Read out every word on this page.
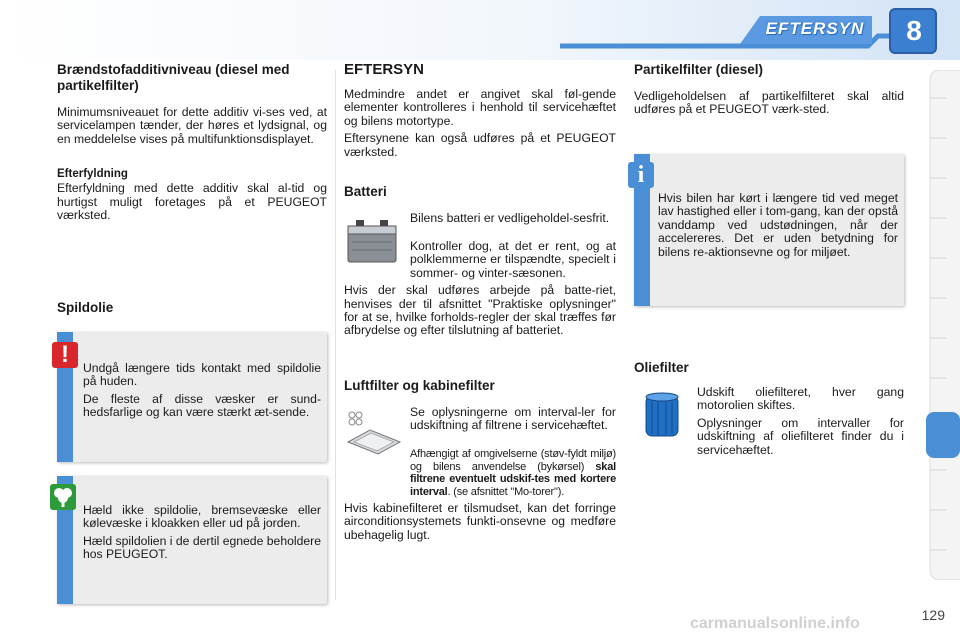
EFTERSYN	8

Brændstofadditivniveau (diesel med partikelfilter)

Minimumsniveauet for dette additiv vi-ses ved, at servicelampen tænder, der høres et lydsignal, og en meddelelse vises på multifunktionsdisplayet.

Efterfyldning

Efterfyldning med dette additiv skal al-tid og hurtigst muligt foretages på et PEUGEOT værksted.

Spildolie

Undgå længere tids kontakt med spildolie på huden.

De fleste af disse væsker er sund-hedsfarlige og kan være stærkt æt-sende.

!

Hæld ikke spildolie, bremsevæske eller kølevæske i kloakken eller ud på jorden.

Hæld spildolien i de dertil egnede beholdere hos PEUGEOT.

EFTERSYN

Medmindre andet er angivet skal føl-gende elementer kontrolleres i henhold til servicehæftet og bilens motortype.

Eftersynene kan også udføres på et PEUGEOT værksted.

Batteri

Bilens batteri er vedligeholdel-sesfrit.

Kontroller dog, at det er rent, og at polklemmerne er tilspændte, specielt i sommer- og vinter-sæsonen.

Hvis der skal udføres arbejde på batte-riet, henvises der til afsnittet "Praktiske oplysninger" for at se, hvilke forholds-regler der skal træffes før afbrydelse og efter tilslutning af batteriet.

Luftfilter og kabinefilter

Se oplysningerne om interval-ler for udskiftning af filtrene i servicehæftet.

Afhængigt af omgivelserne (støv-fyldt miljø) og bilens anvendelse (bykørsel) skal filtrene eventuelt udskif-tes med kortere interval. (se afsnittet "Mo-torer").

Hvis kabinefilteret er tilsmudset, kan det forringe airconditionsystemets funkti-onsevne og medføre ubehagelig lugt.

Partikelfilter (diesel)

Vedligeholdelsen af partikelfilteret skal altid udføres på et PEUGEOT værk-sted.

Hvis bilen har kørt i længere tid ved meget lav hastighed eller i tom-gang, kan der opstå vanddamp ved udstødningen, når der accelereres. Det er uden betydning for bilens re-aktionsevne og for miljøet.

i
Oliefilter

Udskift oliefilteret, hver gang motorolien skiftes.

Oplysninger om intervaller for udskiftning af oliefilteret finder du i servicehæftet.

129
carmanualsonline.info
